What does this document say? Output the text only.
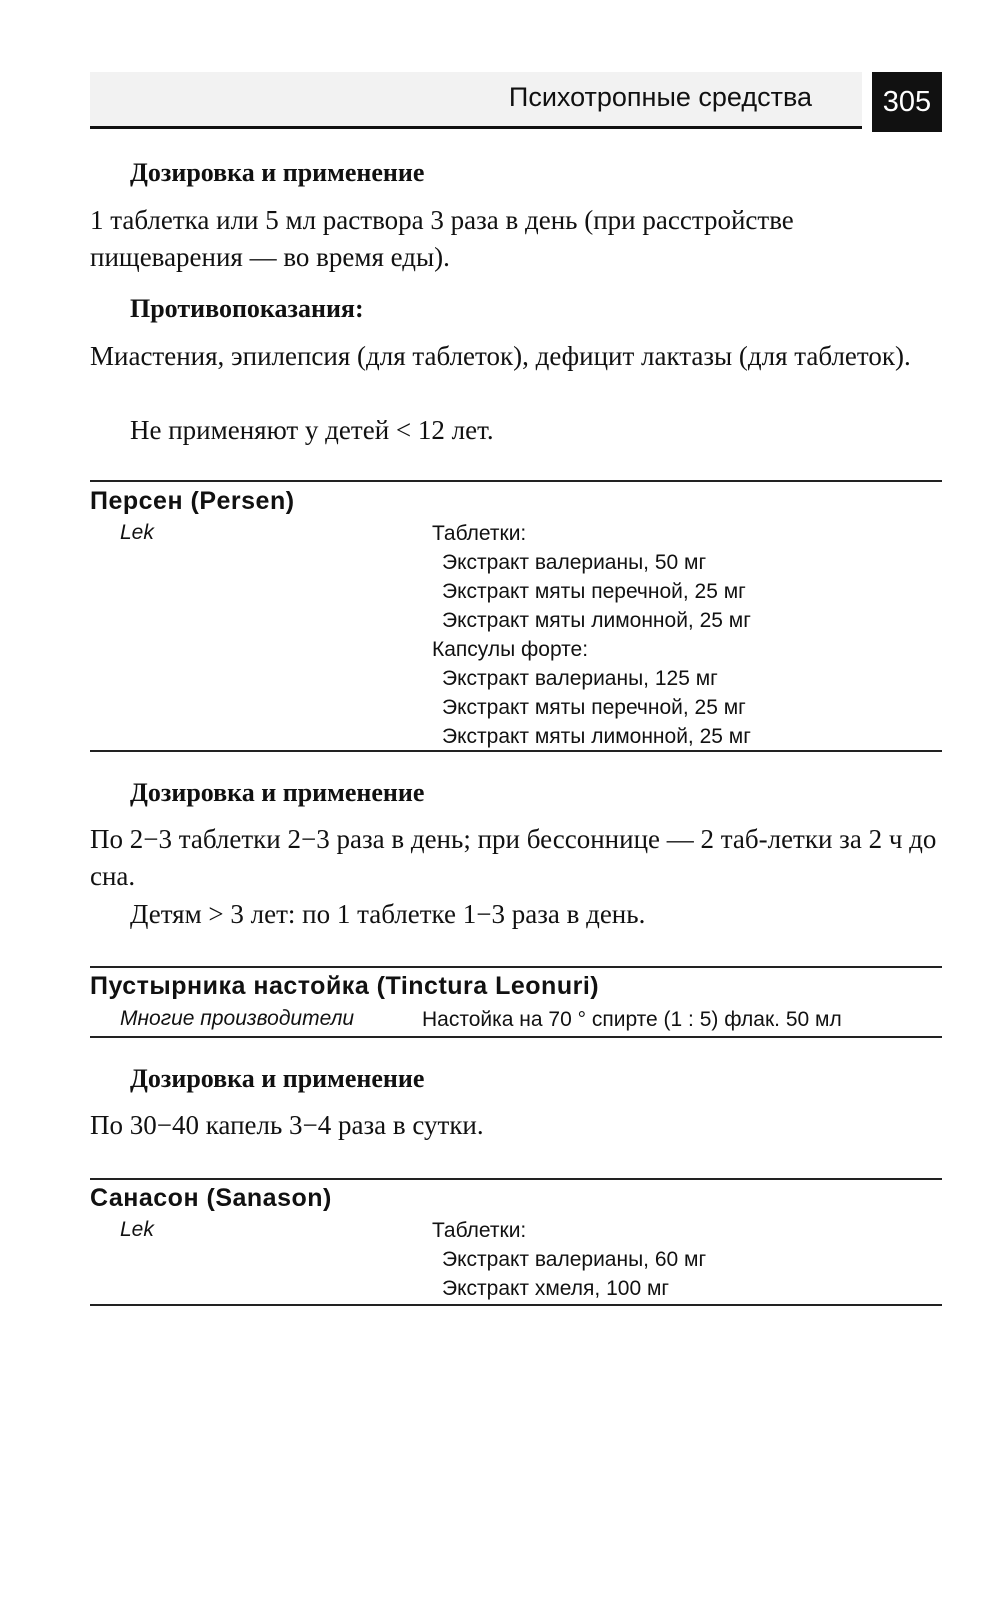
Психотропные средства	305
Дозировка и применение
1 таблетка или 5 мл раствора 3 раза в день (при расстройстве пищеварения — во время еды).
Противопоказания:
Миастения, эпилепсия (для таблеток), дефицит лактазы (для таблеток).
Не применяют у детей < 12 лет.
Персен (Persen)
Lek	Таблетки:
Экстракт валерианы, 50 мг
Экстракт мяты перечной, 25 мг
Экстракт мяты лимонной, 25 мг
Капсулы форте:
Экстракт валерианы, 125 мг
Экстракт мяты перечной, 25 мг
Экстракт мяты лимонной, 25 мг
Дозировка и применение
По 2−3 таблетки 2−3 раза в день; при бессоннице — 2 таб-летки за 2 ч до сна.
Детям > 3 лет: по 1 таблетке 1−3 раза в день.
Пустырника настойка (Tinctura Leonuri)
Многие производители	Настойка на 70 ° спирте (1 : 5) флак. 50 мл
Дозировка и применение
По 30−40 капель 3−4 раза в сутки.
Санасон (Sanason)
Lek	Таблетки:
Экстракт валерианы, 60 мг
Экстракт хмеля, 100 мг
